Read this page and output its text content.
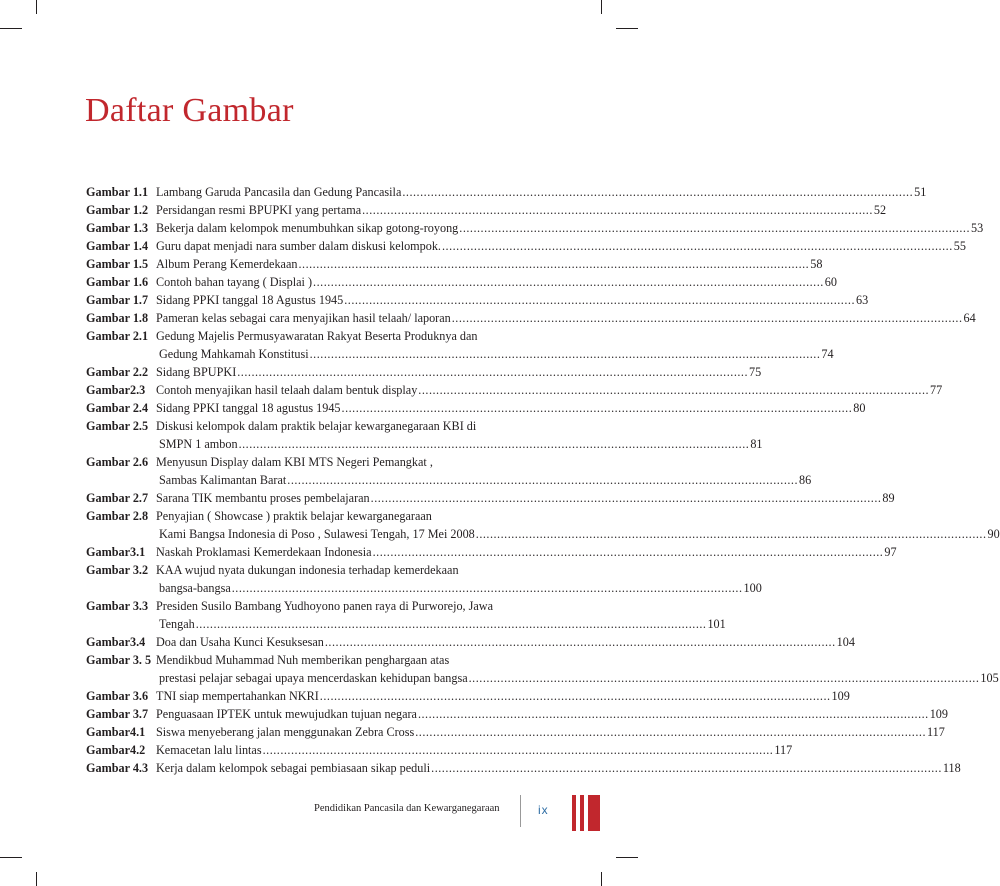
Daftar Gambar
Gambar 1.1 Lambang Garuda Pancasila dan Gedung Pancasila .....	51
Gambar 1.2 Persidangan resmi BPUPKI yang pertama .....	52
Gambar 1.3 Bekerja dalam kelompok menumbuhkan sikap gotong-royong .....	53
Gambar 1.4 Guru dapat menjadi nara sumber dalam diskusi kelompok. .....	55
Gambar 1.5 Album Perang Kemerdekaan .....	58
Gambar 1.6 Contoh bahan tayang ( Displai ) .....	60
Gambar 1.7 Sidang PPKI tanggal 18 Agustus 1945 .....	63
Gambar 1.8 Pameran kelas sebagai cara menyajikan hasil telaah/ laporan .....	64
Gambar 2.1 Gedung Majelis Permusyawaratan Rakyat Beserta Produknya dan
Gedung Mahkamah Konstitusi .....	74
Gambar 2.2 Sidang BPUPKI .....	75
Gambar2.3 Contoh menyajikan hasil telaah dalam bentuk display .....	77
Gambar 2.4 Sidang PPKI tanggal 18 agustus 1945 .....	80
Gambar 2.5 Diskusi kelompok dalam praktik belajar kewarganegaraan KBI di
SMPN 1 ambon .....	81
Gambar 2.6 Menyusun Display dalam KBI MTS Negeri Pemangkat ,
Sambas Kalimantan Barat .....	86
Gambar 2.7 Sarana TIK membantu proses pembelajaran .....	89
Gambar 2.8 Penyajian ( Showcase ) praktik belajar kewarganegaraan
Kami Bangsa Indonesia di Poso , Sulawesi Tengah, 17 Mei 2008 .....	90
Gambar3.1 Naskah Proklamasi Kemerdekaan Indonesia .....	97
Gambar 3.2 KAA wujud nyata dukungan indonesia terhadap kemerdekaan
bangsa-bangsa .....	100
Gambar 3.3 Presiden Susilo Bambang Yudhoyono panen raya di Purworejo, Jawa
Tengah .....	101
Gambar3.4 Doa dan Usaha Kunci Kesuksesan .....	104
Gambar 3. 5 Mendikbud Muhammad Nuh memberikan penghargaan atas
prestasi pelajar sebagai upaya mencerdaskan kehidupan bangsa .....	105
Gambar 3.6 TNI siap mempertahankan NKRI .....	109
Gambar 3.7 Penguasaan IPTEK untuk mewujudkan tujuan negara .....	109
Gambar4.1 Siswa menyeberang jalan menggunakan Zebra Cross .....	117
Gambar4.2 Kemacetan lalu lintas .....	117
Gambar 4.3 Kerja dalam kelompok sebagai pembiasaan sikap peduli .....	118
Pendidikan Pancasila dan Kewarganegaraan	ix
